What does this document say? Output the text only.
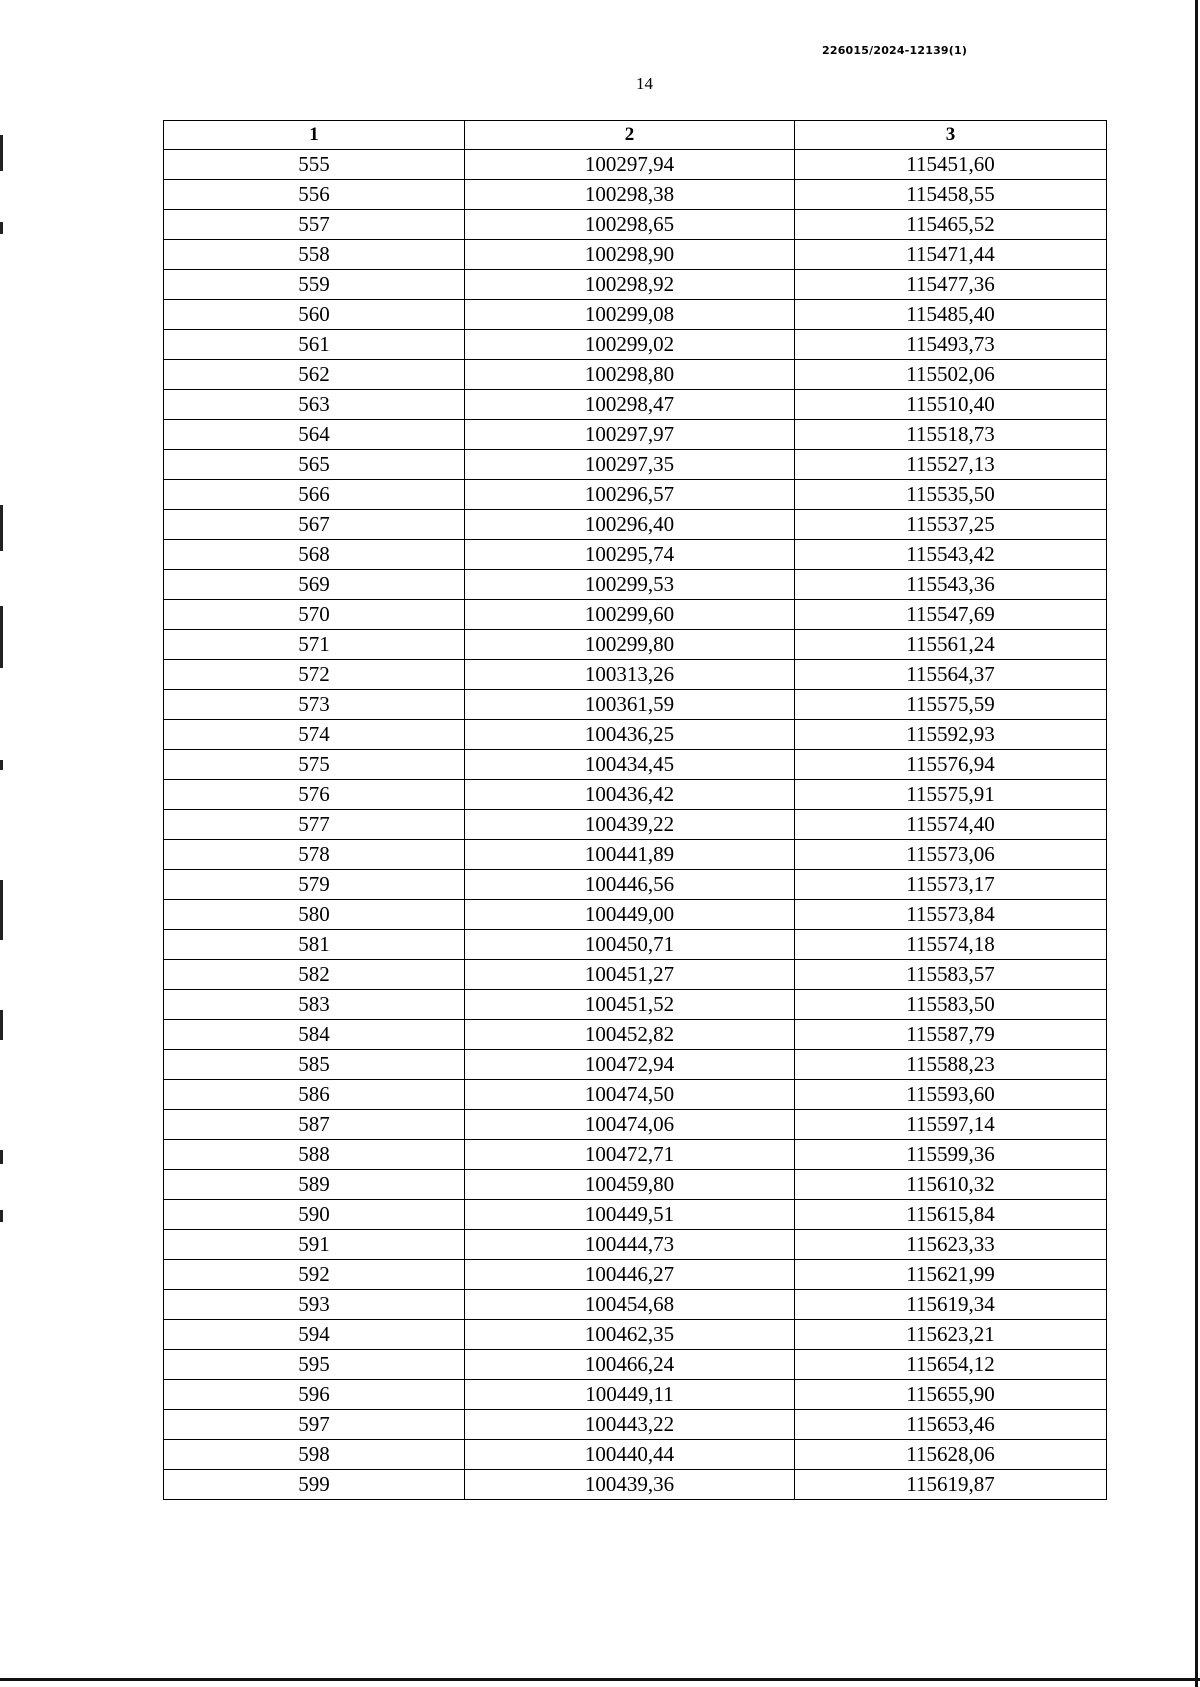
226015/2024-12139(1)
14
1	2	3
555	100297,94	115451,60
556	100298,38	115458,55
557	100298,65	115465,52
558	100298,90	115471,44
559	100298,92	115477,36
560	100299,08	115485,40
561	100299,02	115493,73
562	100298,80	115502,06
563	100298,47	115510,40
564	100297,97	115518,73
565	100297,35	115527,13
566	100296,57	115535,50
567	100296,40	115537,25
568	100295,74	115543,42
569	100299,53	115543,36
570	100299,60	115547,69
571	100299,80	115561,24
572	100313,26	115564,37
573	100361,59	115575,59
574	100436,25	115592,93
575	100434,45	115576,94
576	100436,42	115575,91
577	100439,22	115574,40
578	100441,89	115573,06
579	100446,56	115573,17
580	100449,00	115573,84
581	100450,71	115574,18
582	100451,27	115583,57
583	100451,52	115583,50
584	100452,82	115587,79
585	100472,94	115588,23
586	100474,50	115593,60
587	100474,06	115597,14
588	100472,71	115599,36
589	100459,80	115610,32
590	100449,51	115615,84
591	100444,73	115623,33
592	100446,27	115621,99
593	100454,68	115619,34
594	100462,35	115623,21
595	100466,24	115654,12
596	100449,11	115655,90
597	100443,22	115653,46
598	100440,44	115628,06
599	100439,36	115619,87
